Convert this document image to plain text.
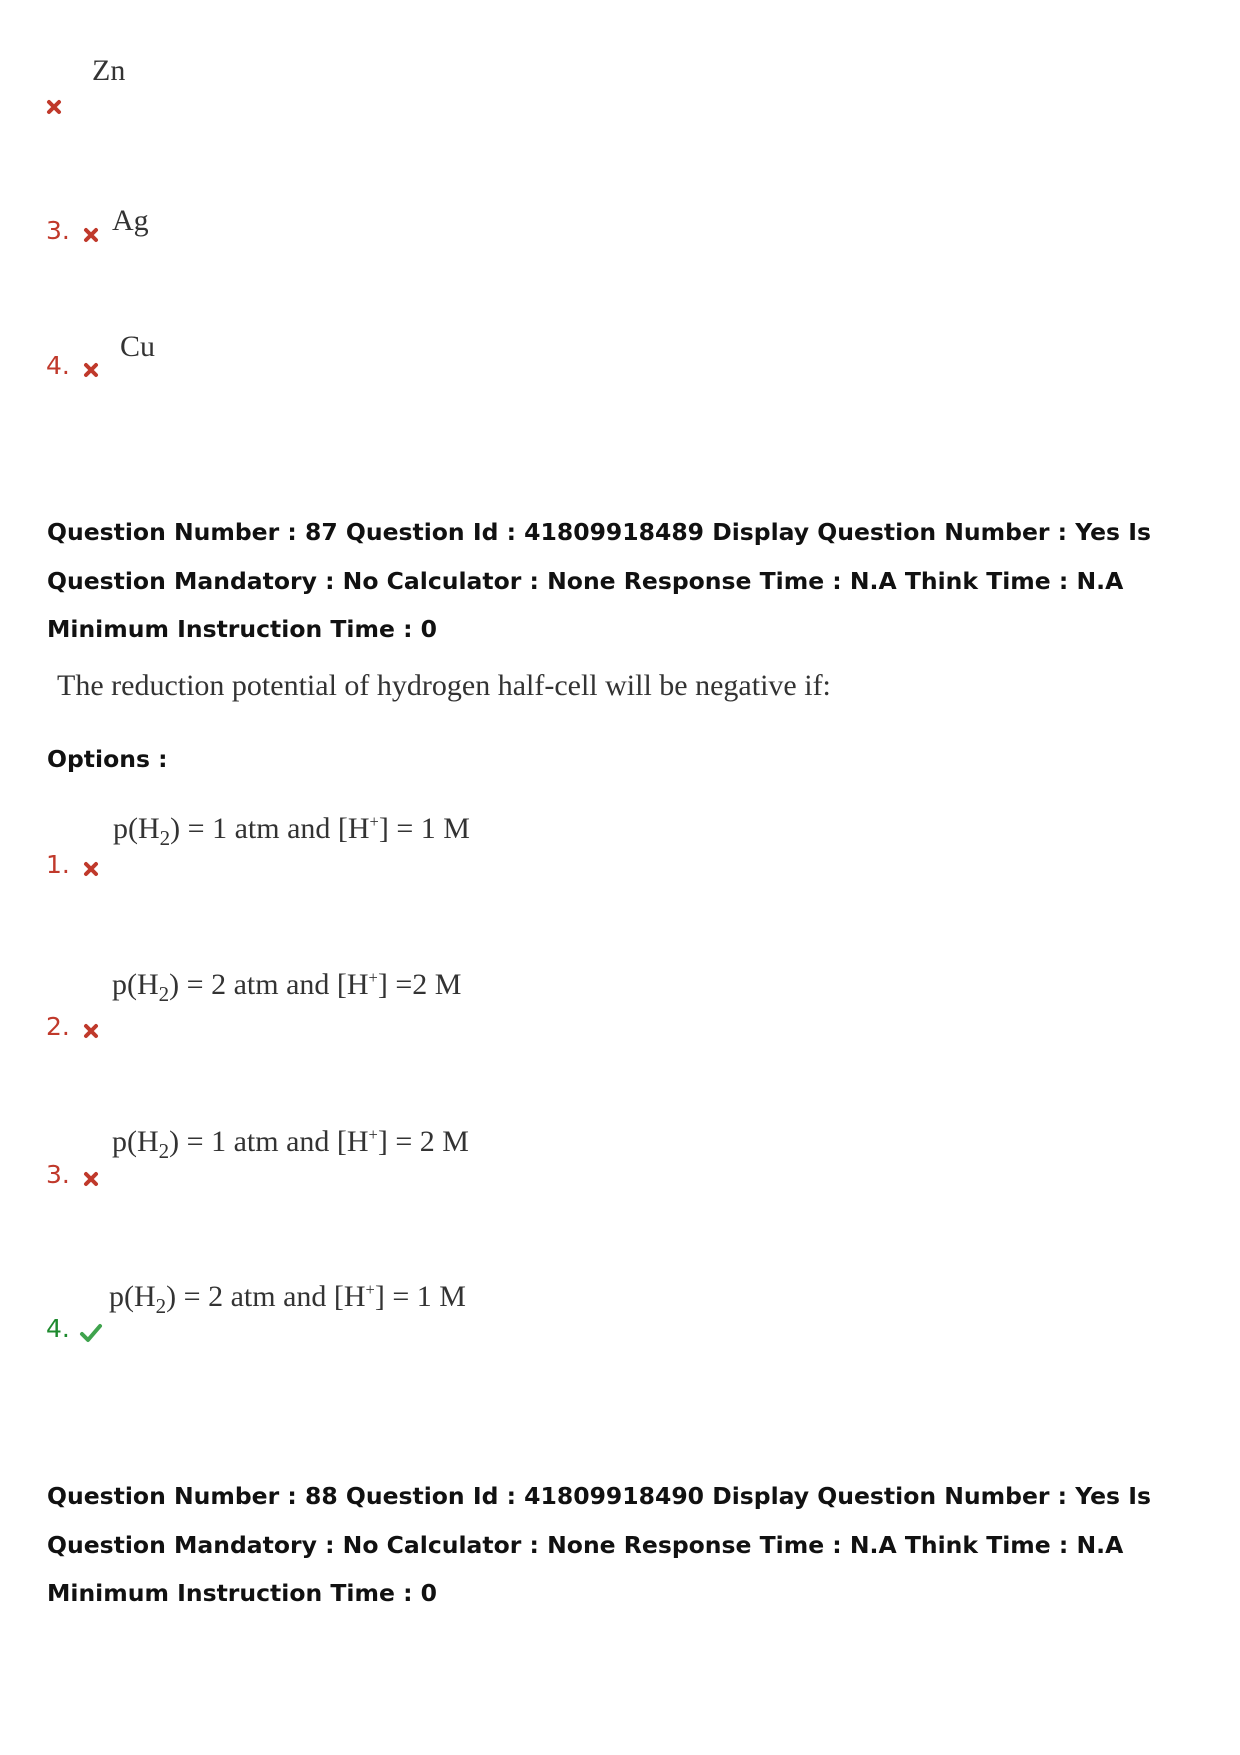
Zn
3.	Ag
4.
Cu
Question Number : 87 Question Id : 41809918489 Display Question Number : Yes Is Question Mandatory : No Calculator : None Response Time : N.A Think Time : N.A Minimum Instruction Time : 0
The reduction potential of hydrogen half-cell will be negative if:
Options :
$p(H_2) = 1$ atm and [H+] = 1 M
1.
$p(H_2) = 2$ atm and [H+] =2 M
2.
$p(H_2) = 1$ atm and [H+] = 2 M
3.
$p(H_2) = 2$ atm and [H+] = 1 M
4.
Question Number : 88 Question Id : 41809918490 Display Question Number : Yes Is Question Mandatory : No Calculator : None Response Time : N.A Think Time : N.A Minimum Instruction Time : 0
